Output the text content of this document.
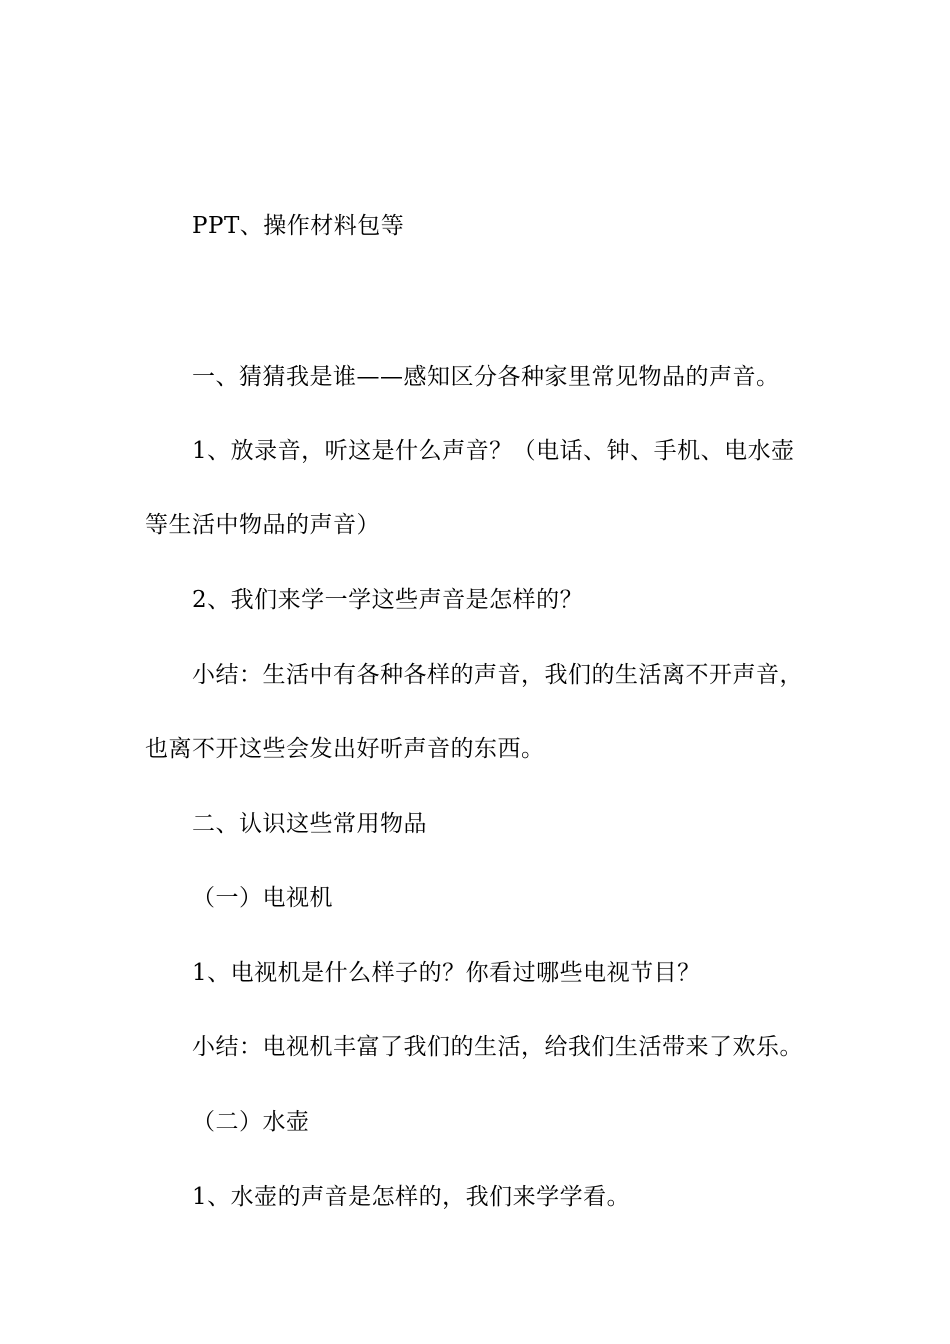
PPT、操作材料包等
一、猜猜我是谁——感知区分各种家里常见物品的声音。
1、放录音，听这是什么声音？（电话、钟、手机、电水壶
等生活中物品的声音）
2、我们来学一学这些声音是怎样的？
小结：生活中有各种各样的声音，我们的生活离不开声音，
也离不开这些会发出好听声音的东西。
二、认识这些常用物品
（一）电视机
1、电视机是什么样子的？你看过哪些电视节目？
小结：电视机丰富了我们的生活，给我们生活带来了欢乐。
（二）水壶
1、水壶的声音是怎样的，我们来学学看。
